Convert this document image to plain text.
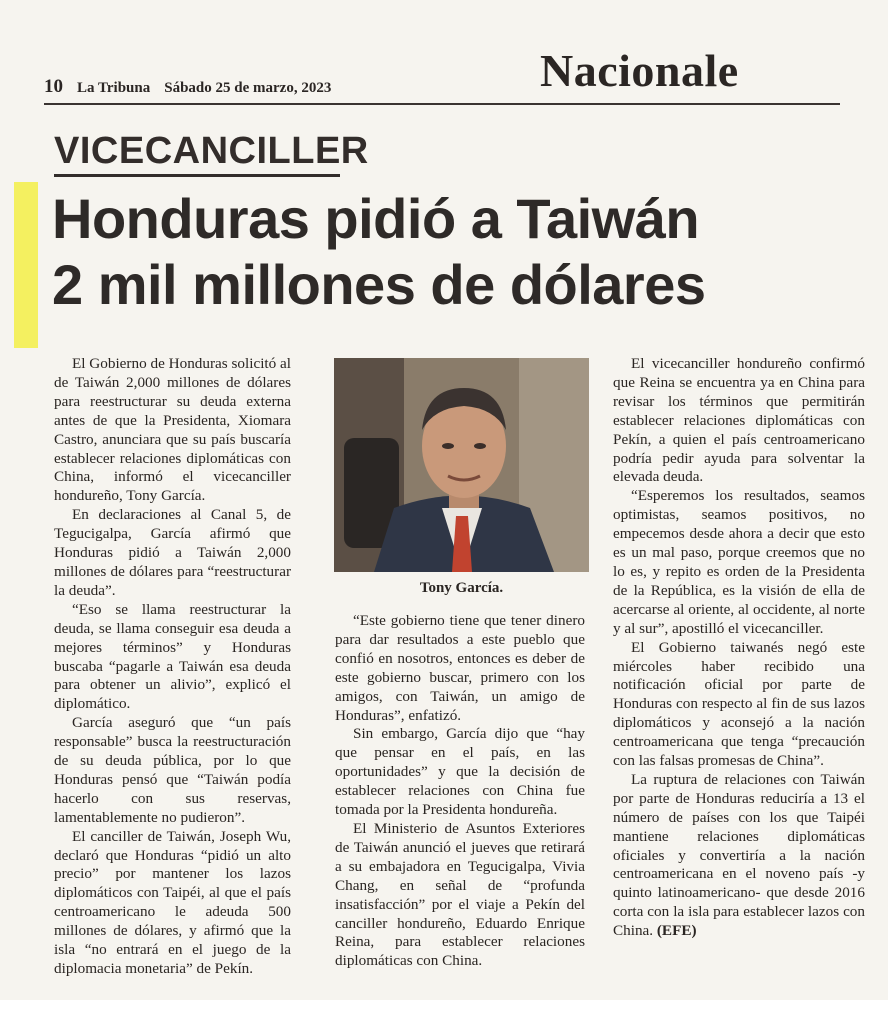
10 La Tribuna Sábado 25 de marzo, 2023	Nacionale
VICECANCILLER
Honduras pidió a Taiwán
2 mil millones de dólares

El Gobierno de Honduras solicitó al de Taiwán 2,000 millones de dólares para reestructurar su deuda externa antes de que la Presidenta, Xiomara Castro, anunciara que su país buscaría establecer relaciones diplomáticas con China, informó el vicecanciller hondureño, Tony García.

En declaraciones al Canal 5, de Tegucigalpa, García afirmó que Honduras pidió a Taiwán 2,000 millones de dólares para “reestructurar la deuda”.

“Eso se llama reestructurar la deuda, se llama conseguir esa deuda a mejores términos” y Honduras buscaba “pagarle a Taiwán esa deuda para obtener un alivio”, explicó el diplomático.

García aseguró que “un país responsable” busca la reestructuración de su deuda pública, por lo que Honduras pensó que “Taiwán podía hacerlo con sus reservas, lamentablemente no pudieron”.

El canciller de Taiwán, Joseph Wu, declaró que Honduras “pidió un alto precio” por mantener los lazos diplomáticos con Taipéi, al que el país centroamericano le adeuda 500 millones de dólares, y afirmó que la isla “no entrará en el juego de la diplomacia monetaria” de Pekín.

Tony García.

“Este gobierno tiene que tener dinero para dar resultados a este pueblo que confió en nosotros, entonces es deber de este gobierno buscar, primero con los amigos, con Taiwán, un amigo de Honduras”, enfatizó.

Sin embargo, García dijo que “hay que pensar en el país, en las oportunidades” y que la decisión de establecer relaciones con China fue tomada por la Presidenta hondureña.

El Ministerio de Asuntos Exteriores de Taiwán anunció el jueves que retirará a su embajadora en Tegucigalpa, Vivia Chang, en señal de “profunda insatisfacción” por el viaje a Pekín del canciller hondureño, Eduardo Enrique Reina, para establecer relaciones diplomáticas con China.

El vicecanciller hondureño confirmó que Reina se encuentra ya en China para revisar los términos que permitirán establecer relaciones diplomáticas con Pekín, a quien el país centroamericano podría pedir ayuda para solventar la elevada deuda.

“Esperemos los resultados, seamos optimistas, seamos positivos, no empecemos desde ahora a decir que esto es un mal paso, porque creemos que no lo es, y repito es orden de la Presidenta de la República, es la visión de ella de acercarse al oriente, al occidente, al norte y al sur”, apostilló el vicecanciller.

El Gobierno taiwanés negó este miércoles haber recibido una notificación oficial por parte de Honduras con respecto al fin de sus lazos diplomáticos y aconsejó a la nación centroamericana que tenga “precaución con las falsas promesas de China”.

La ruptura de relaciones con Taiwán por parte de Honduras reduciría a 13 el número de países con los que Taipéi mantiene relaciones diplomáticas oficiales y convertiría a la nación centroamericana en el noveno país -y quinto latinoamericano- que desde 2016 corta con la isla para establecer lazos con China. (EFE)
